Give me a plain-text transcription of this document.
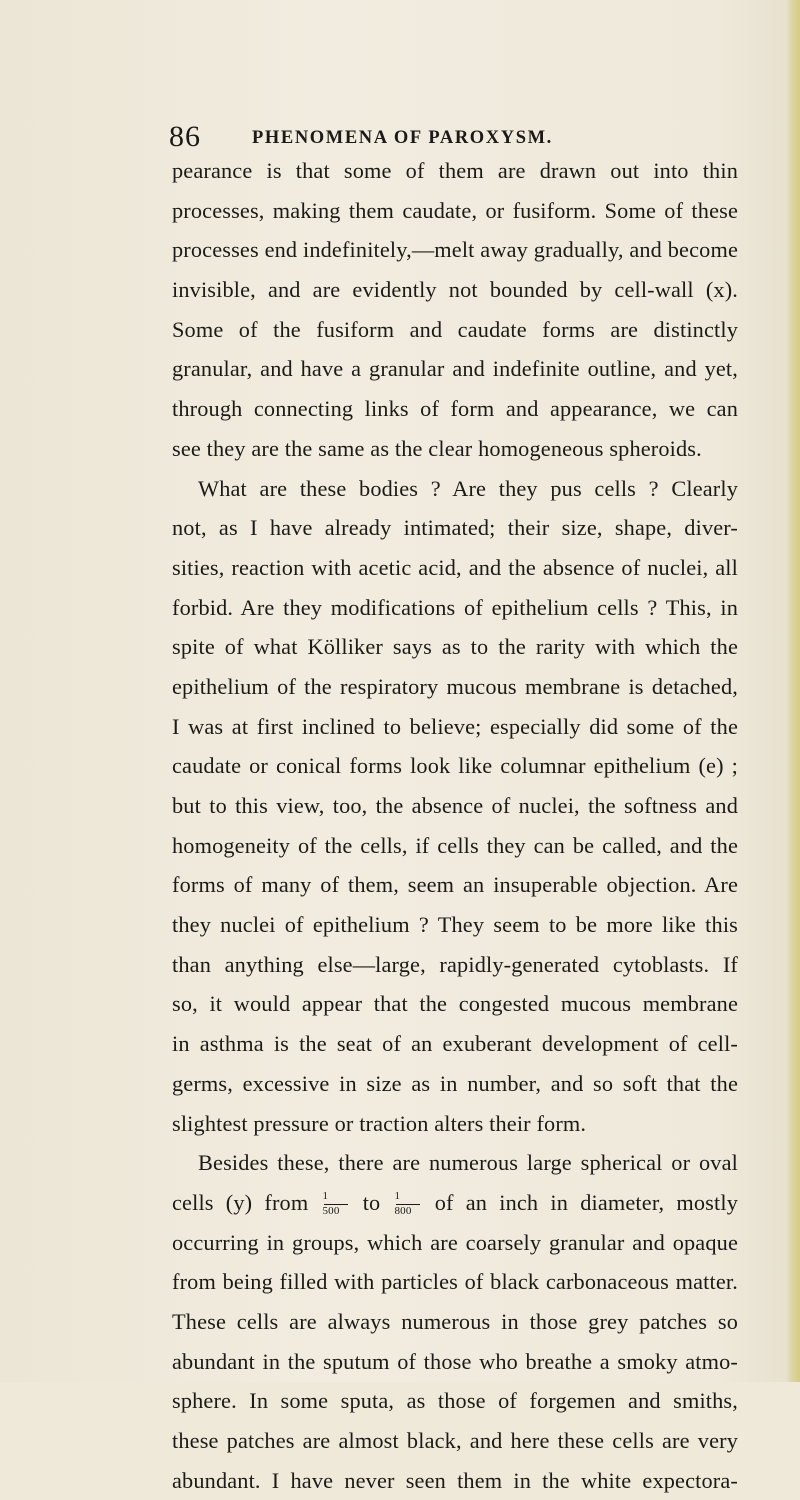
86	PHENOMENA OF PAROXYSM.
pearance is that some of them are drawn out into thin
processes, making them caudate, or fusiform. Some of these
processes end indefinitely,—melt away gradually, and become
invisible, and are evidently not bounded by cell-wall (x).
Some of the fusiform and caudate forms are distinctly
granular, and have a granular and indefinite outline, and yet,
through connecting links of form and appearance, we can
see they are the same as the clear homogeneous spheroids.
What are these bodies ? Are they pus cells ? Clearly
not, as I have already intimated; their size, shape, diver-
sities, reaction with acetic acid, and the absence of nuclei, all
forbid. Are they modifications of epithelium cells ? This, in
spite of what Kölliker says as to the rarity with which the
epithelium of the respiratory mucous membrane is detached,
I was at first inclined to believe; especially did some of the
caudate or conical forms look like columnar epithelium (e) ;
but to this view, too, the absence of nuclei, the softness and
homogeneity of the cells, if cells they can be called, and the
forms of many of them, seem an insuperable objection. Are
they nuclei of epithelium ? They seem to be more like this
than anything else—large, rapidly-generated cytoblasts. If
so, it would appear that the congested mucous membrane
in asthma is the seat of an exuberant development of cell-
germs, excessive in size as in number, and so soft that the
slightest pressure or traction alters their form.
Besides these, there are numerous large spherical or oval
cells (y) from $\frac{1}{500}$ to $\frac{1}{800}$ of an inch in diameter, mostly
occurring in groups, which are coarsely granular and opaque
from being filled with particles of black carbonaceous matter.
These cells are always numerous in those grey patches so
abundant in the sputum of those who breathe a smoky atmo-
sphere. In some sputa, as those of forgemen and smiths,
these patches are almost black, and here these cells are very
abundant. I have never seen them in the white expectora-
